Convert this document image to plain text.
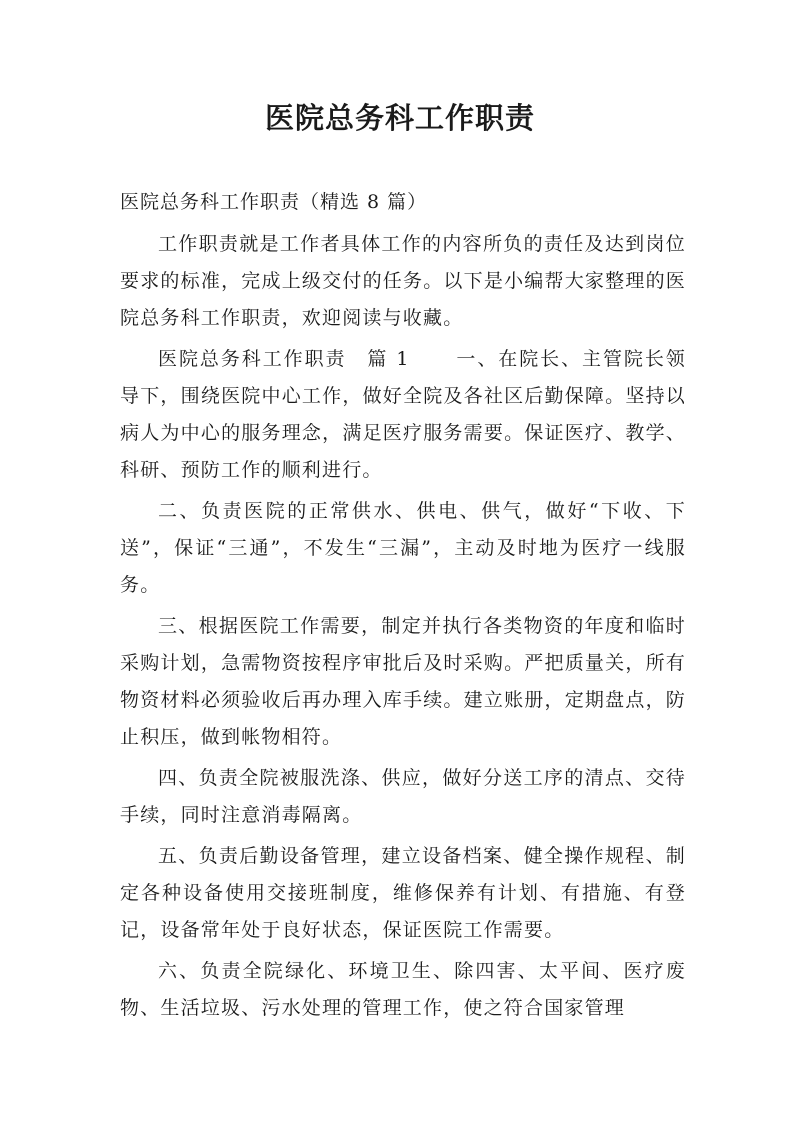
医院总务科工作职责

医院总务科工作职责（精选 8 篇）

工作职责就是工作者具体工作的内容所负的责任及达到岗位要求的标准，完成上级交付的任务。以下是小编帮大家整理的医院总务科工作职责，欢迎阅读与收藏。

医院总务科工作职责　篇 1 一、在院长、主管院长领导下，围绕医院中心工作，做好全院及各社区后勤保障。坚持以病人为中心的服务理念，满足医疗服务需要。保证医疗、教学、科研、预防工作的顺利进行。

二、负责医院的正常供水、供电、供气，做好“下收、下送”，保证“三通”，不发生“三漏”，主动及时地为医疗一线服务。

三、根据医院工作需要，制定并执行各类物资的年度和临时采购计划，急需物资按程序审批后及时采购。严把质量关，所有物资材料必须验收后再办理入库手续。建立账册，定期盘点，防止积压，做到帐物相符。

四、负责全院被服洗涤、供应，做好分送工序的清点、交待手续，同时注意消毒隔离。

五、负责后勤设备管理，建立设备档案、健全操作规程、制定各种设备使用交接班制度，维修保养有计划、有措施、有登记，设备常年处于良好状态，保证医院工作需要。

六、负责全院绿化、环境卫生、除四害、太平间、医疗废物、生活垃圾、污水处理的管理工作，使之符合国家管理
